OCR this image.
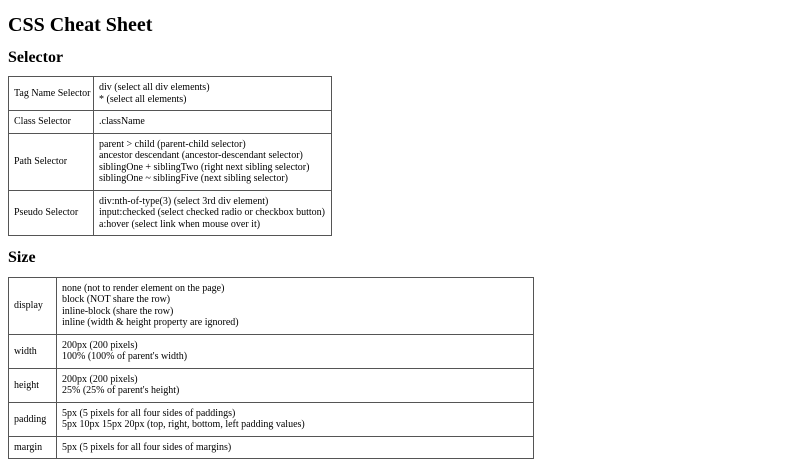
CSS Cheat Sheet
Selector
Tag Name Selector	div (select all div elements)
* (select all elements)

Class Selector	.className

Path Selector	parent > child (parent-child selector)
ancestor descendant (ancestor-descendant selector)
siblingOne + siblingTwo (right next sibling selector)
siblingOne ~ siblingFive (next sibling selector)

Pseudo Selector	div:nth-of-type(3) (select 3rd div element)
input:checked (select checked radio or checkbox button)
a:hover (select link when mouse over it)
Size
display	none (not to render element on the page)
block (NOT share the row)
inline-block (share the row)
inline (width & height property are ignored)

width	200px (200 pixels)
100% (100% of parent's width)

height	200px (200 pixels)
25% (25% of parent's height)

padding	5px (5 pixels for all four sides of paddings)
5px 10px 15px 20px (top, right, bottom, left padding values)

margin	5px (5 pixels for all four sides of margins)
